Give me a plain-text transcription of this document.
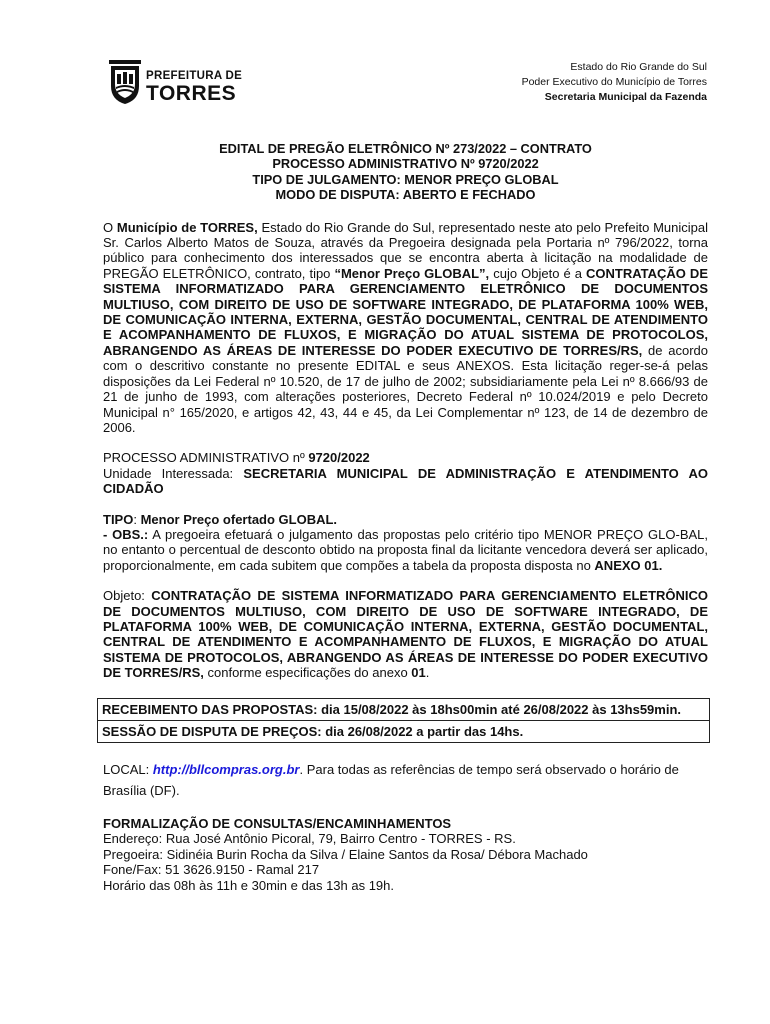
PREFEITURA DE
TORRES
Estado do Rio Grande do Sul
Poder Executivo do Município de Torres
Secretaria Municipal da Fazenda
EDITAL DE PREGÃO ELETRÔNICO Nº 273/2022 – CONTRATO
PROCESSO ADMINISTRATIVO Nº 9720/2022
TIPO DE JULGAMENTO: MENOR PREÇO GLOBAL
MODO DE DISPUTA: ABERTO E FECHADO

O Município de TORRES, Estado do Rio Grande do Sul, representado neste ato pelo Prefeito Municipal Sr. Carlos Alberto Matos de Souza, através da Pregoeira designada pela Portaria nº 796/2022, torna público para conhecimento dos interessados que se encontra aberta à licitação na modalidade de PREGÃO ELETRÔNICO, contrato, tipo “Menor Preço GLOBAL”, cujo Objeto é a CONTRATAÇÃO DE SISTEMA INFORMATIZADO PARA GERENCIAMENTO ELETRÔNICO DE DOCUMENTOS MULTIUSO, COM DIREITO DE USO DE SOFTWARE INTEGRADO, DE PLATAFORMA 100% WEB, DE COMUNICAÇÃO INTERNA, EXTERNA, GESTÃO DOCUMENTAL, CENTRAL DE ATENDIMENTO E ACOMPANHAMENTO DE FLUXOS, E MIGRAÇÃO DO ATUAL SISTEMA DE PROTOCOLOS, ABRANGENDO AS ÁREAS DE INTERESSE DO PODER EXECUTIVO DE TORRES/RS, de acordo com o descritivo constante no presente EDITAL e seus ANEXOS. Esta licitação reger-se-á pelas disposições da Lei Federal nº 10.520, de 17 de julho de 2002; subsidiariamente pela Lei nº 8.666/93 de 21 de junho de 1993, com alterações posteriores, Decreto Federal nº 10.024/2019 e pelo Decreto Municipal n° 165/2020, e artigos 42, 43, 44 e 45, da Lei Complementar nº 123, de 14 de dezembro de 2006.

PROCESSO ADMINISTRATIVO nº 9720/2022

Unidade Interessada: SECRETARIA MUNICIPAL DE ADMINISTRAÇÃO E ATENDIMENTO AO CIDADÃO

TIPO: Menor Preço ofertado GLOBAL.

- OBS.: A pregoeira efetuará o julgamento das propostas pelo critério tipo MENOR PREÇO GLO-BAL, no entanto o percentual de desconto obtido na proposta final da licitante vencedora deverá ser aplicado, proporcionalmente, em cada subitem que compões a tabela da proposta disposta no ANEXO 01.

Objeto: CONTRATAÇÃO DE SISTEMA INFORMATIZADO PARA GERENCIAMENTO ELETRÔNICO DE DOCUMENTOS MULTIUSO, COM DIREITO DE USO DE SOFTWARE INTEGRADO, DE PLATAFORMA 100% WEB, DE COMUNICAÇÃO INTERNA, EXTERNA, GESTÃO DOCUMENTAL, CENTRAL DE ATENDIMENTO E ACOMPANHAMENTO DE FLUXOS, E MIGRAÇÃO DO ATUAL SISTEMA DE PROTOCOLOS, ABRANGENDO AS ÁREAS DE INTERESSE DO PODER EXECUTIVO DE TORRES/RS, conforme especificações do anexo 01.

RECEBIMENTO DAS PROPOSTAS: dia 15/08/2022 às 18hs00min até 26/08/2022 às 13hs59min.
SESSÃO DE DISPUTA DE PREÇOS: dia 26/08/2022 a partir das 14hs.

LOCAL: http://bllcompras.org.br. Para todas as referências de tempo será observado o horário de Brasília (DF).

FORMALIZAÇÃO DE CONSULTAS/ENCAMINHAMENTOS

Endereço: Rua José Antônio Picoral, 79, Bairro Centro - TORRES - RS.

Pregoeira: Sidinéia Burin Rocha da Silva / Elaine Santos da Rosa/ Débora Machado

Fone/Fax: 51 3626.9150 - Ramal 217

Horário das 08h às 11h e 30min e das 13h as 19h.
